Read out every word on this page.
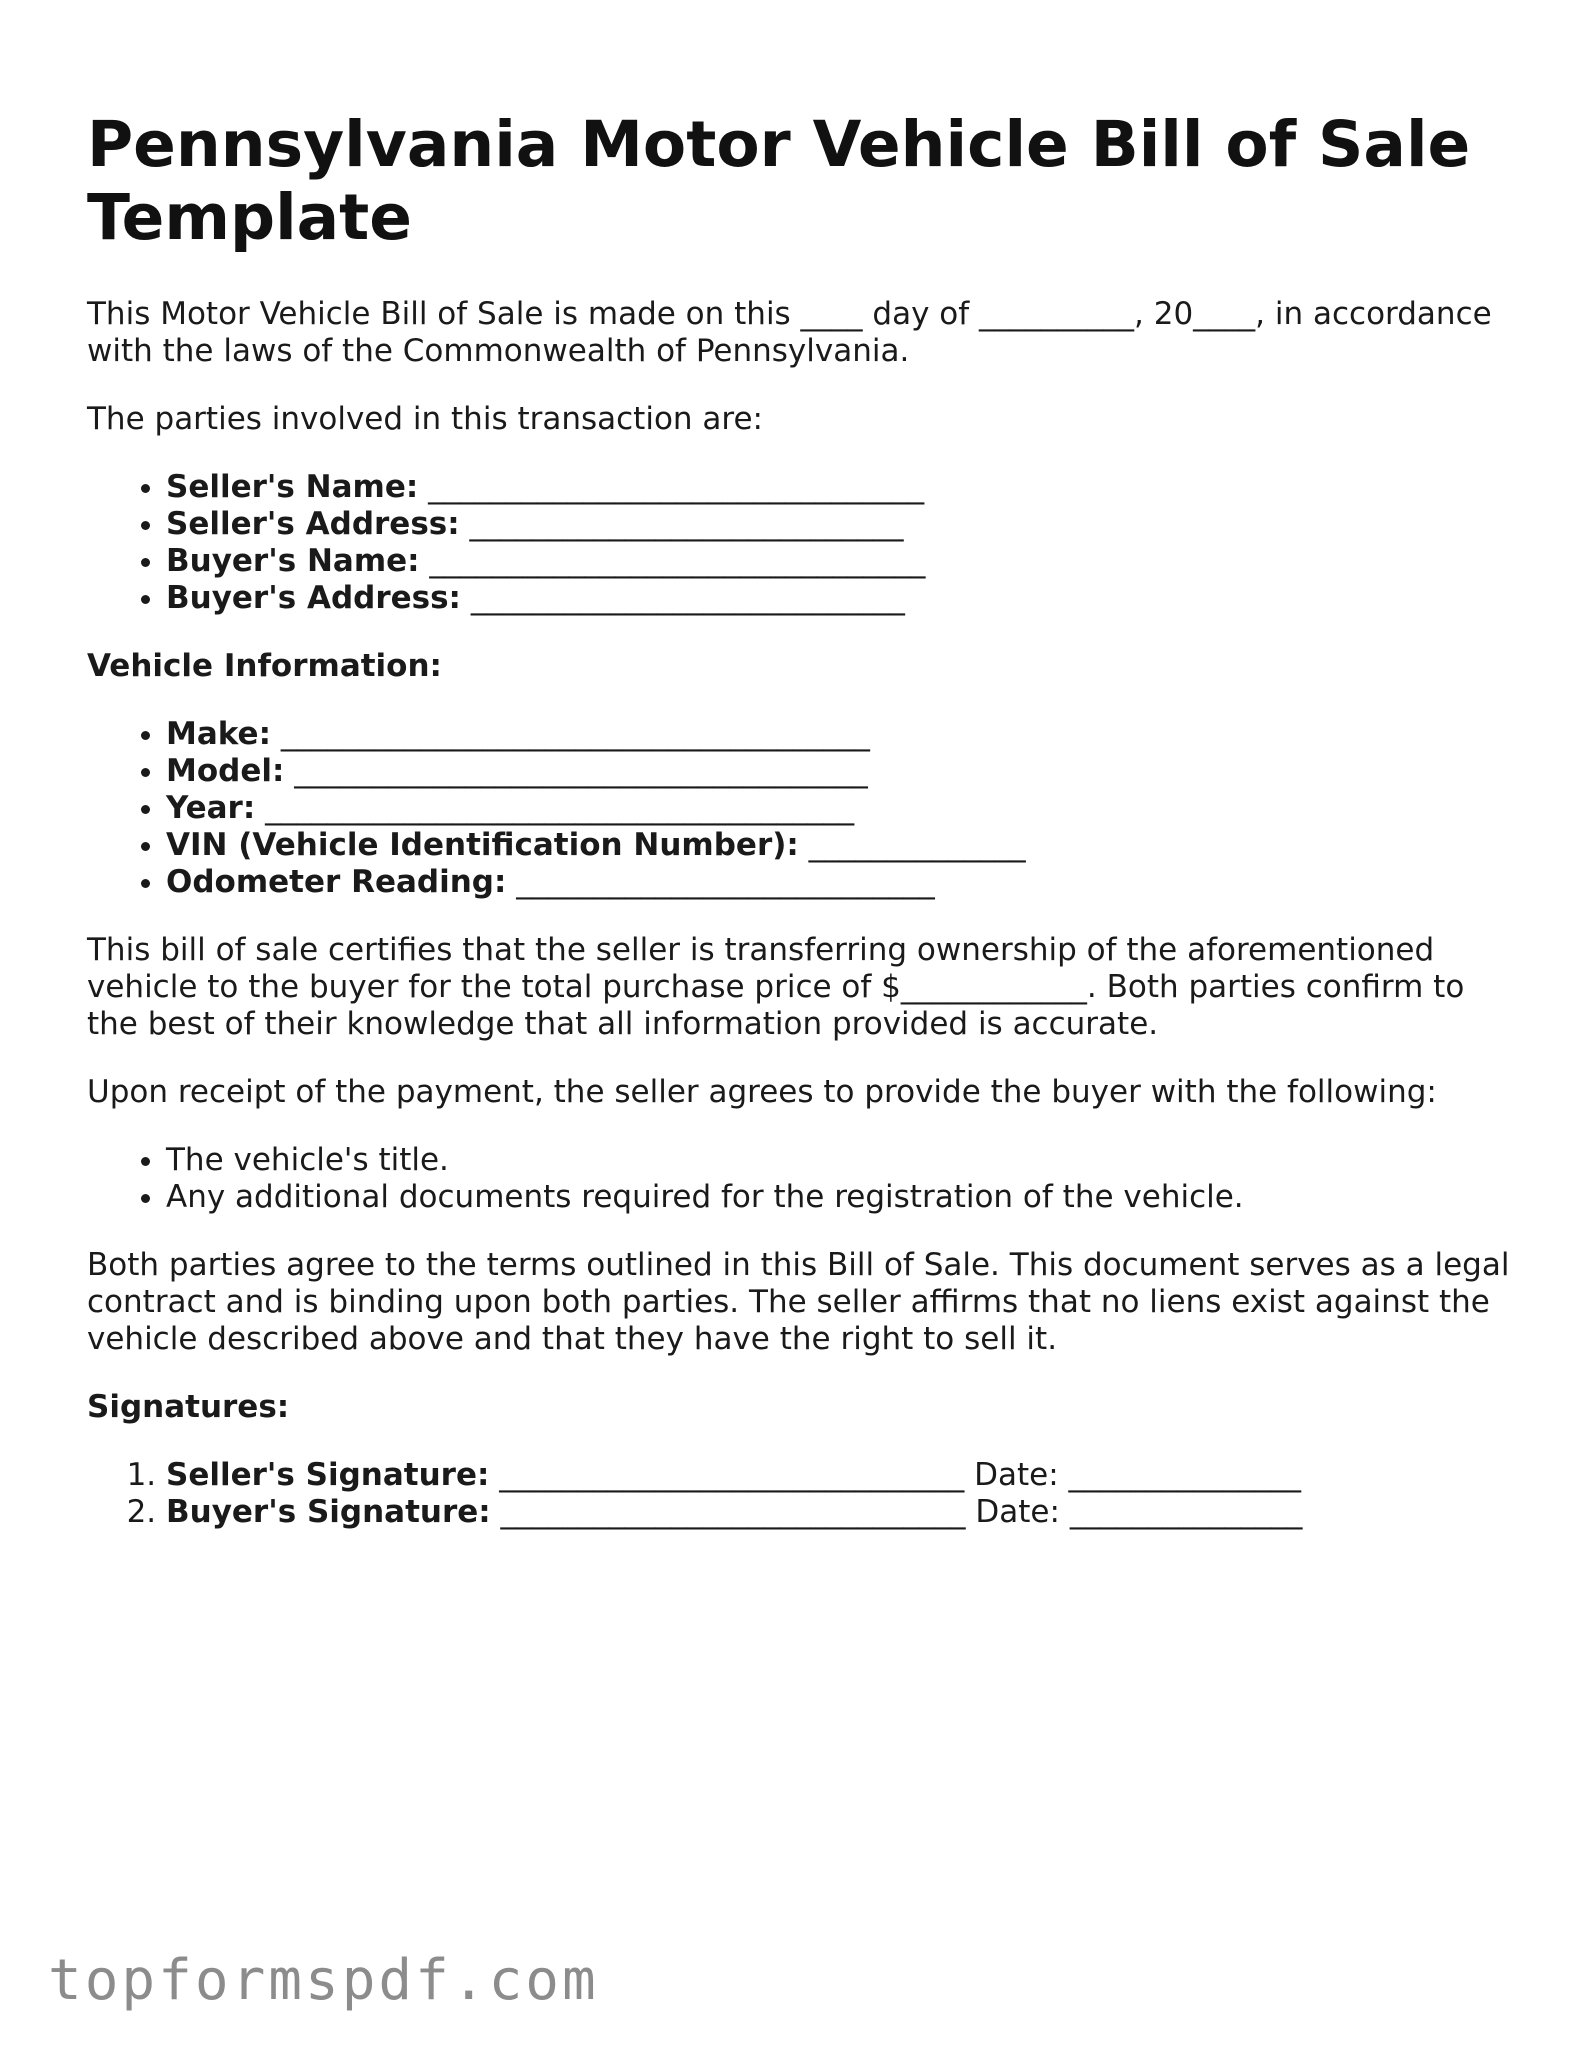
Pennsylvania Motor Vehicle Bill of Sale Template

This Motor Vehicle Bill of Sale is made on this ____ day of __________, 20____, in accordance with the laws of the Commonwealth of Pennsylvania.

The parties involved in this transaction are:

• Seller's Name: ________________________________
• Seller's Address: ____________________________
• Buyer's Name: ________________________________
• Buyer's Address: ____________________________

Vehicle Information:

• Make: ______________________________________
• Model: _____________________________________
• Year: ______________________________________
• VIN (Vehicle Identification Number): ______________
• Odometer Reading: ___________________________

This bill of sale certifies that the seller is transferring ownership of the aforementioned vehicle to the buyer for the total purchase price of $____________. Both parties confirm to the best of their knowledge that all information provided is accurate.

Upon receipt of the payment, the seller agrees to provide the buyer with the following:

• The vehicle's title.
• Any additional documents required for the registration of the vehicle.

Both parties agree to the terms outlined in this Bill of Sale. This document serves as a legal contract and is binding upon both parties. The seller affirms that no liens exist against the vehicle described above and that they have the right to sell it.

Signatures:

1. Seller's Signature: ______________________________ Date: _______________
2. Buyer's Signature: ______________________________ Date: _______________
topformspdf.com
